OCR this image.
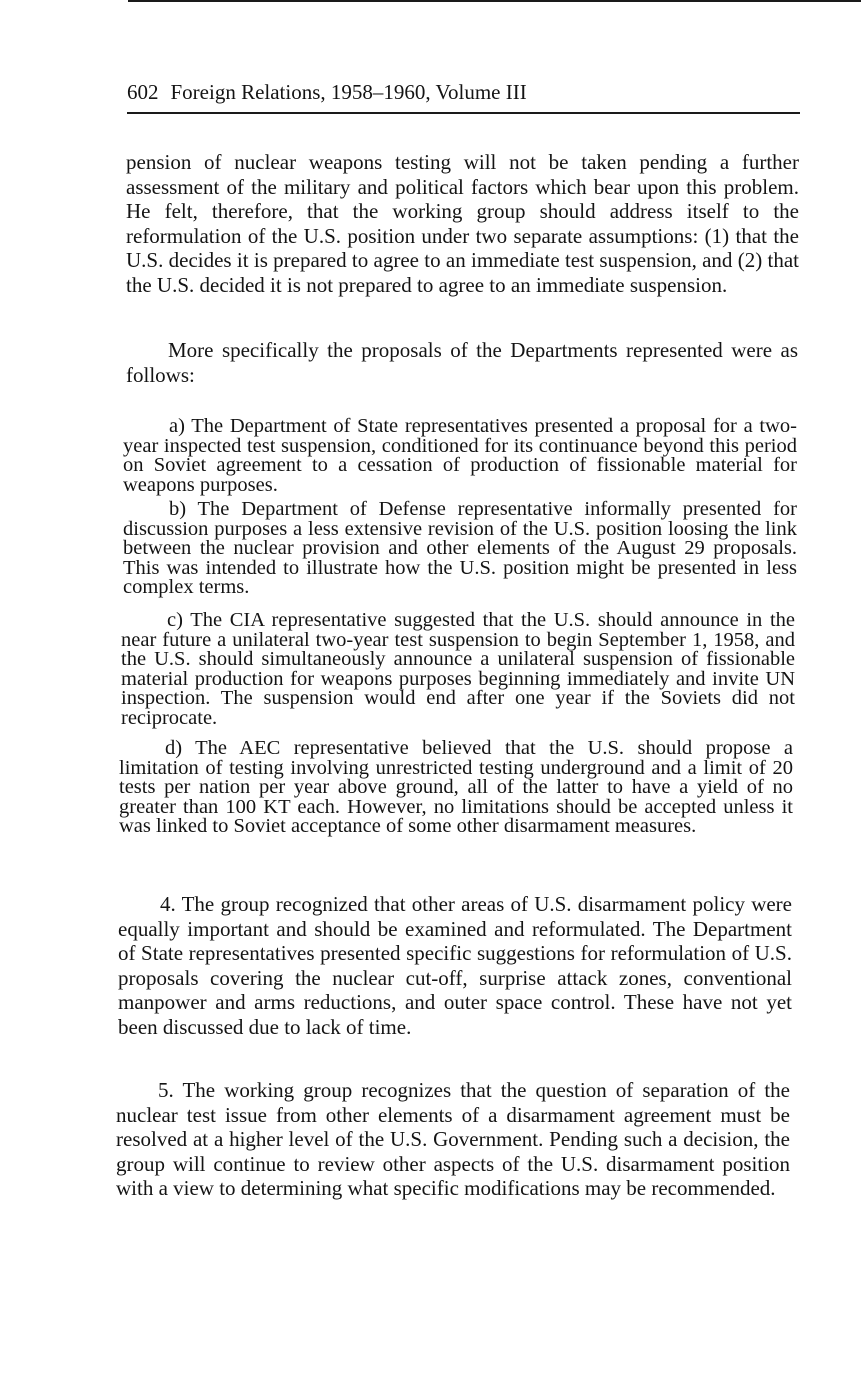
602 Foreign Relations, 1958–1960, Volume III

pension of nuclear weapons testing will not be taken pending a further assessment of the military and political factors which bear upon this problem. He felt, therefore, that the working group should address itself to the reformulation of the U.S. position under two separate assumptions: (1) that the U.S. decides it is prepared to agree to an immediate test suspension, and (2) that the U.S. decided it is not prepared to agree to an immediate suspension.

More specifically the proposals of the Departments represented were as follows:

a) The Department of State representatives presented a proposal for a two-year inspected test suspension, conditioned for its continuance beyond this period on Soviet agreement to a cessation of production of fissionable material for weapons purposes.

b) The Department of Defense representative informally presented for discussion purposes a less extensive revision of the U.S. position loosing the link between the nuclear provision and other elements of the August 29 proposals. This was intended to illustrate how the U.S. position might be presented in less complex terms.

c) The CIA representative suggested that the U.S. should announce in the near future a unilateral two-year test suspension to begin September 1, 1958, and the U.S. should simultaneously announce a unilateral suspension of fissionable material production for weapons purposes beginning immediately and invite UN inspection. The suspension would end after one year if the Soviets did not reciprocate.

d) The AEC representative believed that the U.S. should propose a limitation of testing involving unrestricted testing underground and a limit of 20 tests per nation per year above ground, all of the latter to have a yield of no greater than 100 KT each. However, no limitations should be accepted unless it was linked to Soviet acceptance of some other disarmament measures.

4. The group recognized that other areas of U.S. disarmament policy were equally important and should be examined and reformulated. The Department of State representatives presented specific suggestions for reformulation of U.S. proposals covering the nuclear cut-off, surprise attack zones, conventional manpower and arms reductions, and outer space control. These have not yet been discussed due to lack of time.

5. The working group recognizes that the question of separation of the nuclear test issue from other elements of a disarmament agreement must be resolved at a higher level of the U.S. Government. Pending such a decision, the group will continue to review other aspects of the U.S. disarmament position with a view to determining what specific modifications may be recommended.
